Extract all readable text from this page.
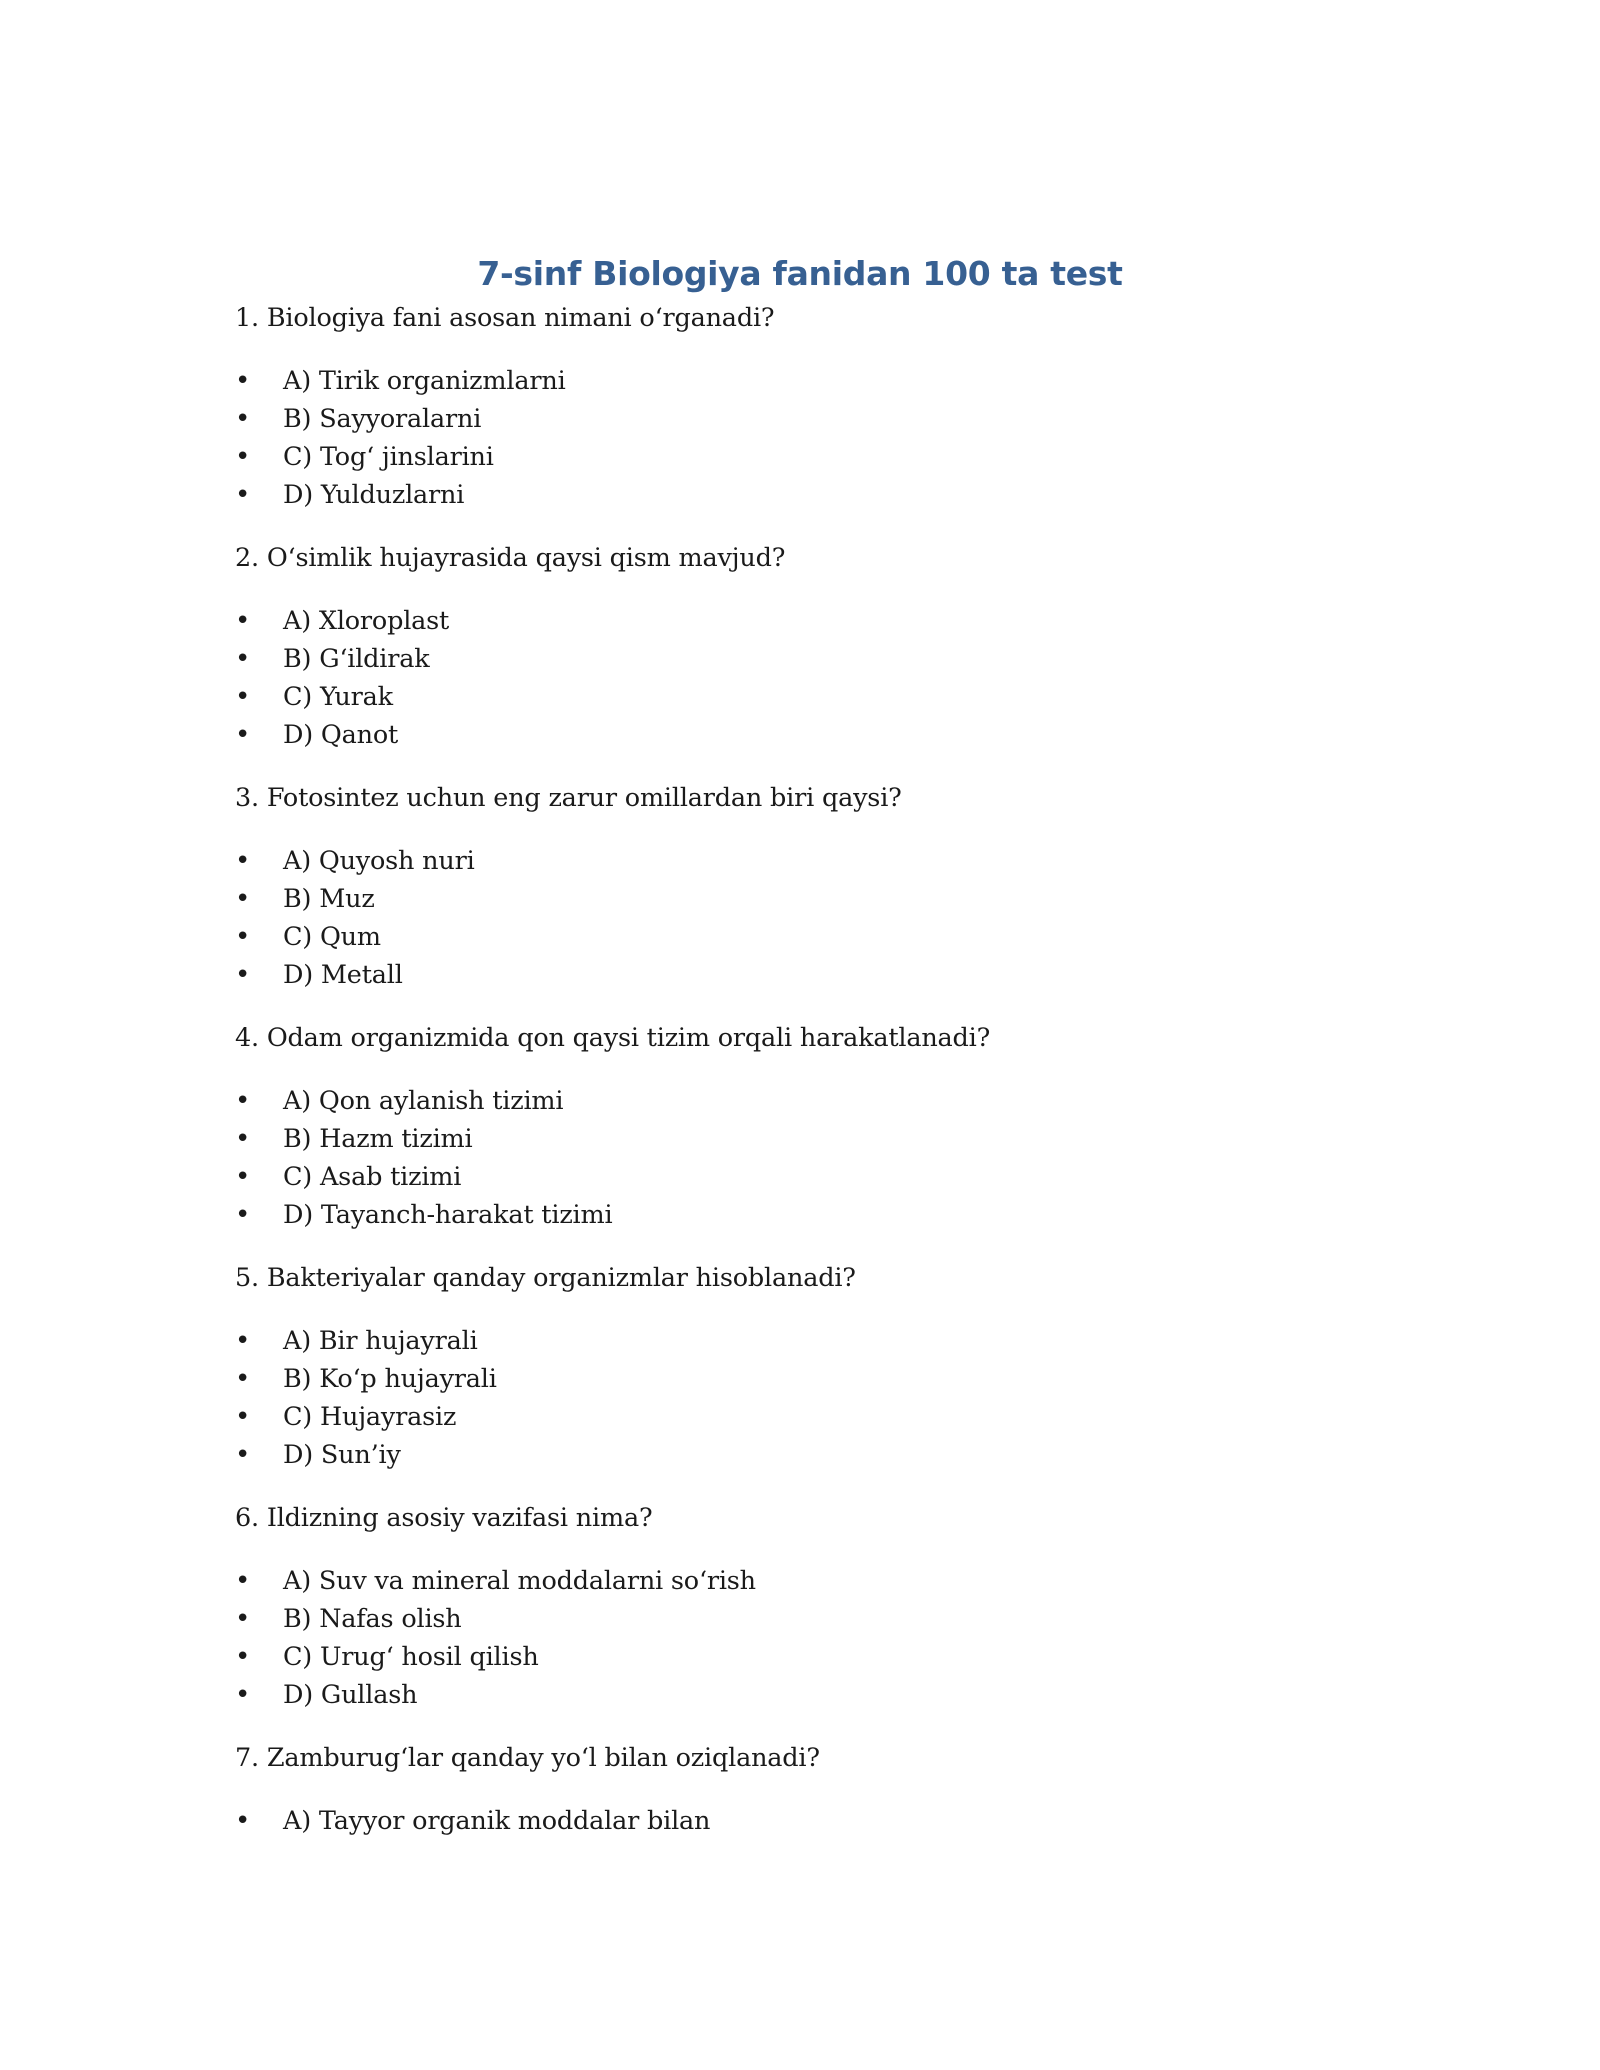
7-sinf Biologiya fanidan 100 ta test

1. Biologiya fani asosan nimani o‘rganadi?

• A) Tirik organizmlarni
• B) Sayyoralarni
• C) Tog‘ jinslarini
• D) Yulduzlarni

2. O‘simlik hujayrasida qaysi qism mavjud?

• A) Xloroplast
• B) G‘ildirak
• C) Yurak
• D) Qanot

3. Fotosintez uchun eng zarur omillardan biri qaysi?

• A) Quyosh nuri
• B) Muz
• C) Qum
• D) Metall

4. Odam organizmida qon qaysi tizim orqali harakatlanadi?

• A) Qon aylanish tizimi
• B) Hazm tizimi
• C) Asab tizimi
• D) Tayanch-harakat tizimi

5. Bakteriyalar qanday organizmlar hisoblanadi?

• A) Bir hujayrali
• B) Ko‘p hujayrali
• C) Hujayrasiz
• D) Sun’iy

6. Ildizning asosiy vazifasi nima?

• A) Suv va mineral moddalarni so‘rish
• B) Nafas olish
• C) Urug‘ hosil qilish
• D) Gullash

7. Zamburug‘lar qanday yo‘l bilan oziqlanadi?

• A) Tayyor organik moddalar bilan
